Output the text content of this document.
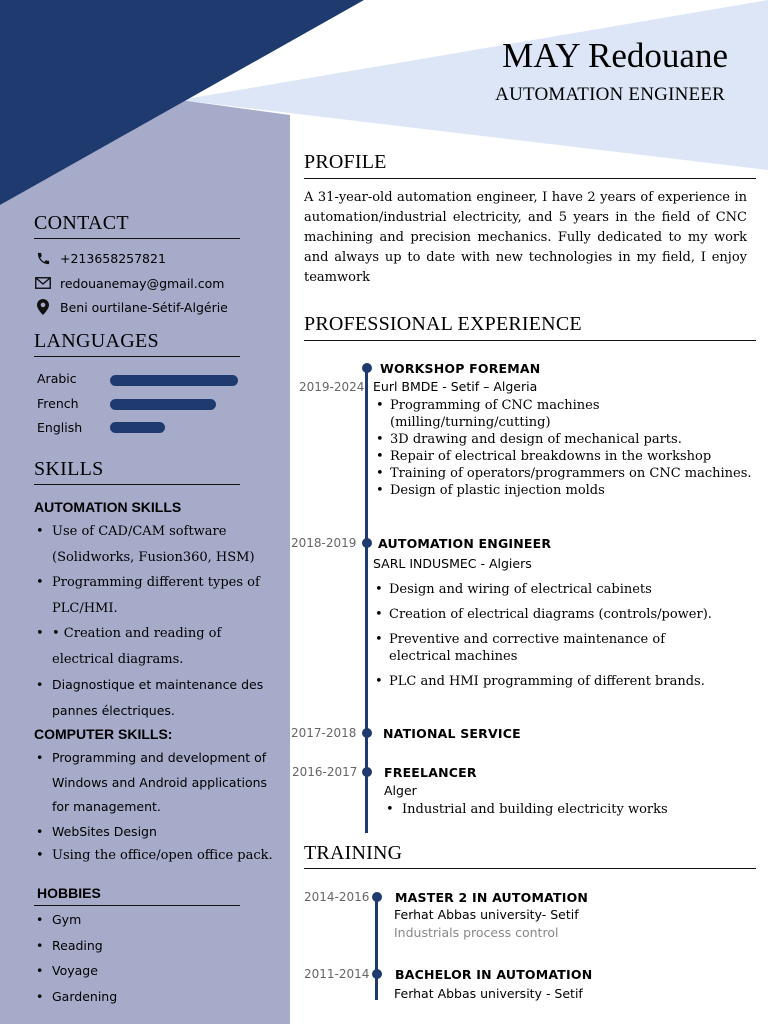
MAY Redouane
AUTOMATION ENGINEER
CONTACT
+213658257821
redouanemay@gmail.com
Beni ourtilane-Sétif-Algérie
LANGUAGES
Arabic
French
English
SKILLS
AUTOMATION SKILLS
• Use of CAD/CAM software (Solidworks, Fusion360, HSM)
• Programming different types of PLC/HMI.
• • Creation and reading of electrical diagrams.
• Diagnostique et maintenance des pannes électriques.
COMPUTER SKILLS:
• Programming and development of Windows and Android applications for management.
• WebSites Design
• Using the office/open office pack.
HOBBIES
• Gym
• Reading
• Voyage
• Gardening
PROFILE
A 31-year-old automation engineer, I have 2 years of experience in automation/industrial electricity, and 5 years in the field of CNC machining and precision mechanics. Fully dedicated to my work and always up to date with new technologies in my field, I enjoy teamwork
PROFESSIONAL EXPERIENCE
2019-2024
WORKSHOP FOREMAN
Eurl BMDE - Setif – Algeria
• Programming of CNC machines (milling/turning/cutting)
• 3D drawing and design of mechanical parts.
• Repair of electrical breakdowns in the workshop
• Training of operators/programmers on CNC machines.
• Design of plastic injection molds
2018-2019 AUTOMATION ENGINEER
SARL INDUSMEC - Algiers
• Design and wiring of electrical cabinets
• Creation of electrical diagrams (controls/power).
• Preventive and corrective maintenance of electrical machines
• PLC and HMI programming of different brands.
2017-2018 NATIONAL SERVICE
2016-2017 FREELANCER
Alger
• Industrial and building electricity works
TRAINING
2014-2016 MASTER 2 IN AUTOMATION
Ferhat Abbas university- Setif
Industrials process control
2011-2014 BACHELOR IN AUTOMATION
Ferhat Abbas university - Setif
